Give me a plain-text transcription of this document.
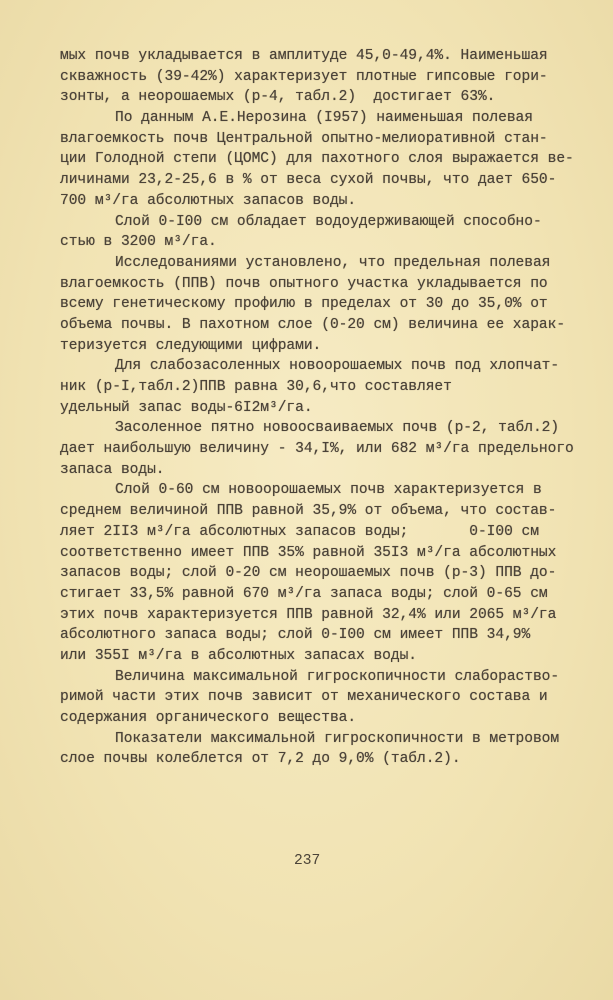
мых почв укладывается в амплитуде 45,0-49,4%. Наименьшая
скважность (39-42%) характеризует плотные гипсовые гори-
зонты, а неорошаемых (р-4, табл.2)  достигает 63%.
По данным А.Е.Нерозина (I957) наименьшая полевая
влагоемкость почв Центральной опытно-мелиоративной стан-
ции Голодной степи (ЦОМС) для пахотного слоя выражается ве-
личинами 23,2-25,6 в % от веса сухой почвы, что дает 650-
700 м³/га абсолютных запасов воды.
Слой 0-I00 см обладает водоудерживающей способно-
стью в 3200 м³/га.
Исследованиями установлено, что предельная полевая
влагоемкость (ППВ) почв опытного участка укладывается по
всему генетическому профилю в пределах от 30 до 35,0% от
объема почвы. В пахотном слое (0-20 см) величина ее харак-
теризуется следующими цифрами.
Для слабозасоленных новоорошаемых почв под хлопчат-
ник (р-I,табл.2)ППВ равна 30,6,что составляет
удельный запас воды-6I2м³/га.
Засоленное пятно новоосваиваемых почв (р-2, табл.2)
дает наибольшую величину - 34,I%, или 682 м³/га предельного
запаса воды.
Слой 0-60 см новоорошаемых почв характеризуется в
среднем величиной ППВ равной 35,9% от объема, что состав-
ляет 2II3 м³/га абсолютных запасов воды;       0-I00 см
соответственно имеет ППВ 35% равной 35I3 м³/га абсолютных
запасов воды; слой 0-20 см неорошаемых почв (р-3) ППВ до-
стигает 33,5% равной 670 м³/га запаса воды; слой 0-65 см
этих почв характеризуется ППВ равной 32,4% или 2065 м³/га
абсолютного запаса воды; слой 0-I00 см имеет ППВ 34,9%
или 355I м³/га в абсолютных запасах воды.
Величина максимальной гигроскопичности слабораство-
римой части этих почв зависит от механического состава и
содержания органического вещества.
Показатели максимальной гигроскопичности в метровом
слое почвы колеблется от 7,2 до 9,0% (табл.2).
237
